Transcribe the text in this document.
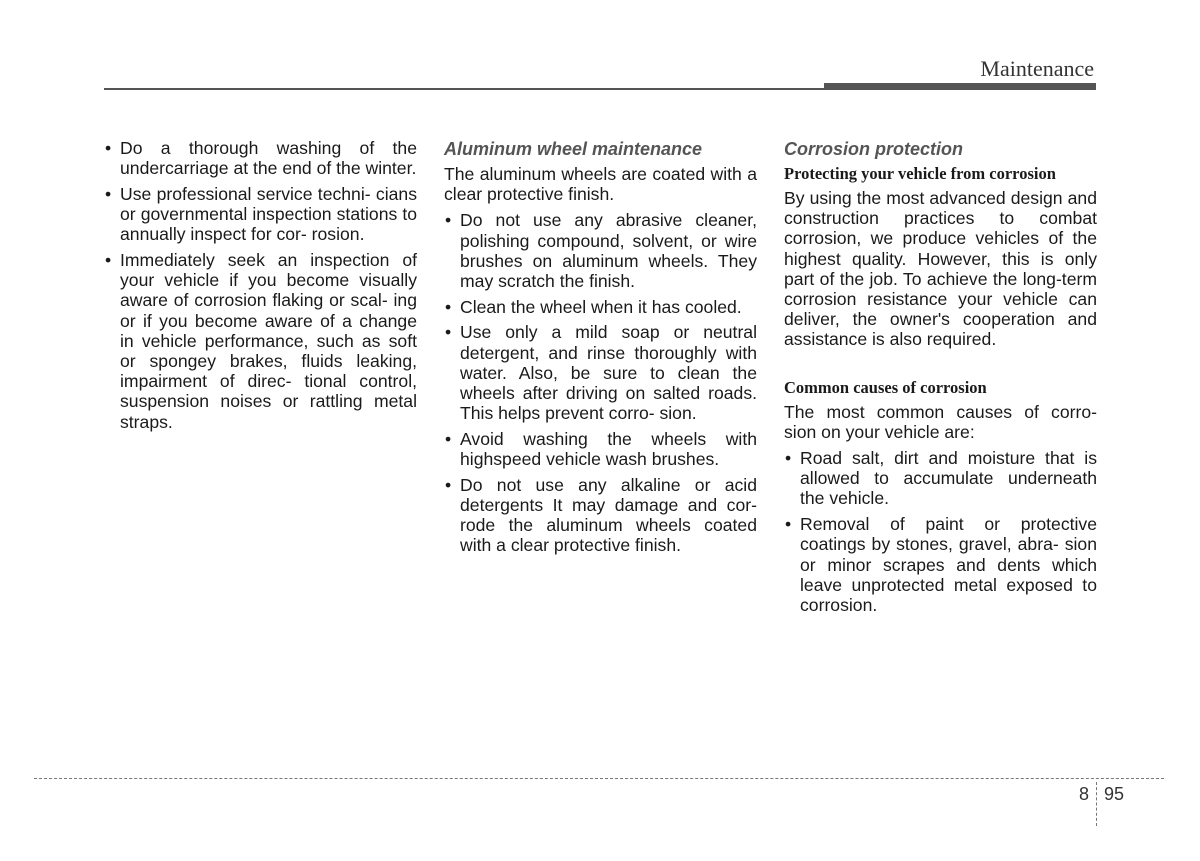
Maintenance
• Do a thorough washing of the undercarriage at the end of the winter.
• Use professional service techni- cians or governmental inspection stations to annually inspect for cor- rosion.
• Immediately seek an inspection of your vehicle if you become visually aware of corrosion flaking or scal- ing or if you become aware of a change in vehicle performance, such as soft or spongey brakes, fluids leaking, impairment of direc- tional control, suspension noises or rattling metal straps.
Aluminum wheel maintenance
The aluminum wheels are coated with a clear protective finish.
• Do not use any abrasive cleaner, polishing compound, solvent, or wire brushes on aluminum wheels. They may scratch the finish.
• Clean the wheel when it has cooled.
• Use only a mild soap or neutral detergent, and rinse thoroughly with water. Also, be sure to clean the wheels after driving on salted roads. This helps prevent corro- sion.
• Avoid washing the wheels with highspeed vehicle wash brushes.
• Do not use any alkaline or acid detergents It may damage and cor- rode the aluminum wheels coated with a clear protective finish.
Corrosion protection
Protecting your vehicle from corrosion
By using the most advanced design and construction practices to combat corrosion, we produce vehicles of the highest quality. However, this is only part of the job. To achieve the long-term corrosion resistance your vehicle can deliver, the owner's cooperation and assistance is also required.
Common causes of corrosion
The most common causes of corro- sion on your vehicle are:
• Road salt, dirt and moisture that is allowed to accumulate underneath the vehicle.
• Removal of paint or protective coatings by stones, gravel, abra- sion or minor scrapes and dents which leave unprotected metal exposed to corrosion.
8 95
